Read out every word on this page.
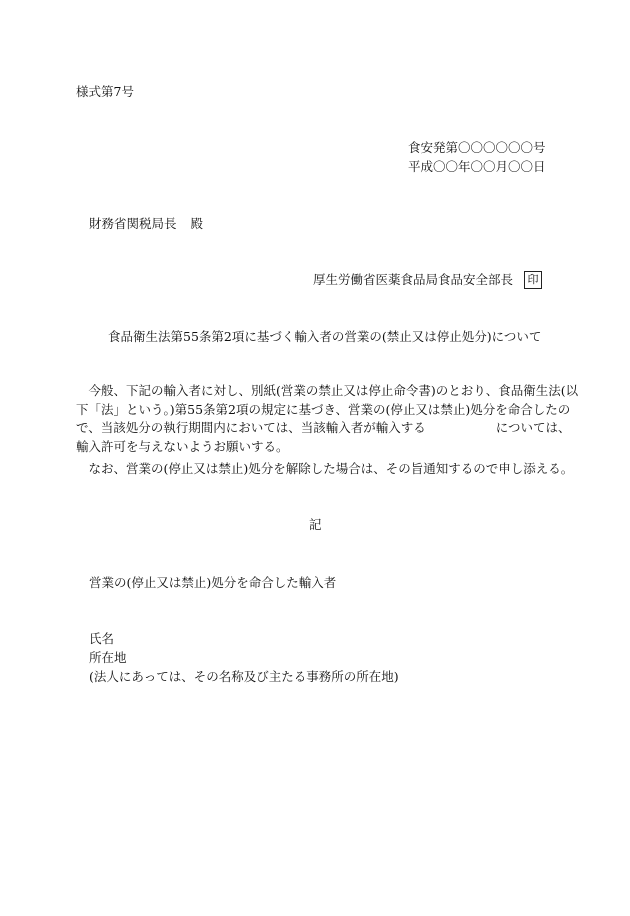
様式第7号
食安発第〇〇〇〇〇〇号
平成〇〇年〇〇月〇〇日
財務省関税局長 殿
厚生労働省医薬食品局食品安全部長	印
食品衛生法第55条第2項に基づく輸入者の営業の(禁止又は停止処分)について
　今般、下記の輸入者に対し、別紙(営業の禁止又は停止命令書)のとおり、食品衛生法(以
下「法」という。)第55条第2項の規定に基づき、営業の(停止又は禁止)処分を命合したの
で、当該処分の執行期間内においては、当該輸入者が輸入する	については、
輸入許可を与えないようお願いする。
　なお、営業の(停止又は禁止)処分を解除した場合は、その旨通知するので申し添える。
記
営業の(停止又は禁止)処分を命合した輸入者
氏名
所在地
(法人にあっては、その名称及び主たる事務所の所在地)
